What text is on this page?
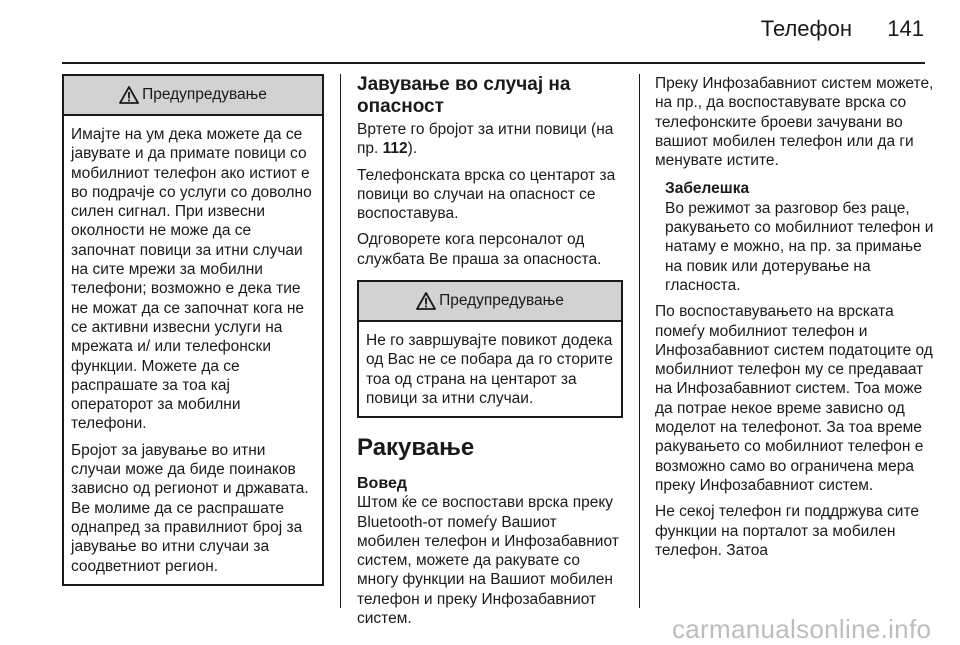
Телефон	141
Предупредување

Имајте на ум дека можете да се јавувате и да примате повици со мобилниот телефон ако истиот е во подрачје со услуги со доволно силен сигнал. При извесни околности не може да се започнат повици за итни случаи на сите мрежи за мобилни телефони; возможно е дека тие не можат да се започнат кога не се активни извесни услуги на мрежата и/ или телефонски функции. Можете да се распрашате за тоа кај операторот за мобилни телефони.

Бројот за јавување во итни случаи може да биде поинаков зависно од регионот и државата. Ве молиме да се распрашате однапред за правилниот број за јавување во итни случаи за соодветниот регион.

Јавување во случај на опасност

Вртете го бројот за итни повици (на пр. 112).

Телефонската врска со центарот за повици во случаи на опасност се воспоставува.

Одговорете кога персоналот од службата Ве праша за опасноста.

Предупредување

Не го завршувајте повикот додека од Вас не се побара да го сторите тоа од страна на центарот за повици за итни случаи.

Ракување
Вовед

Штом ќе се воспостави врска преку Bluetooth-от помеѓу Вашиот мобилен телефон и Инфозабавниот систем, можете да ракувате со многу функции на Вашиот мобилен телефон и преку Инфозабавниот систем.

Преку Инфозабавниот систем можете, на пр., да воспоставувате врска со телефонските броеви зачувани во вашиот мобилен телефон или да ги менувате истите.

Забелешка
Во режимот за разговор без раце, ракувањето со мобилниот телефон и натаму е можно, на пр. за примање на повик или дотерување на гласноста.

По воспоставувањето на врската помеѓу мобилниот телефон и Инфозабавниот систем податоците од мобилниот телефон му се предаваат на Инфозабавниот систем. Тоа може да потрае некое време зависно од моделот на телефонот. За тоа време ракувањето со мобилниот телефон е возможно само во ограничена мера преку Инфозабавниот систем.

Не секој телефон ги поддржува сите функции на порталот за мобилен телефон. Затоа

carmanualsonline.info
